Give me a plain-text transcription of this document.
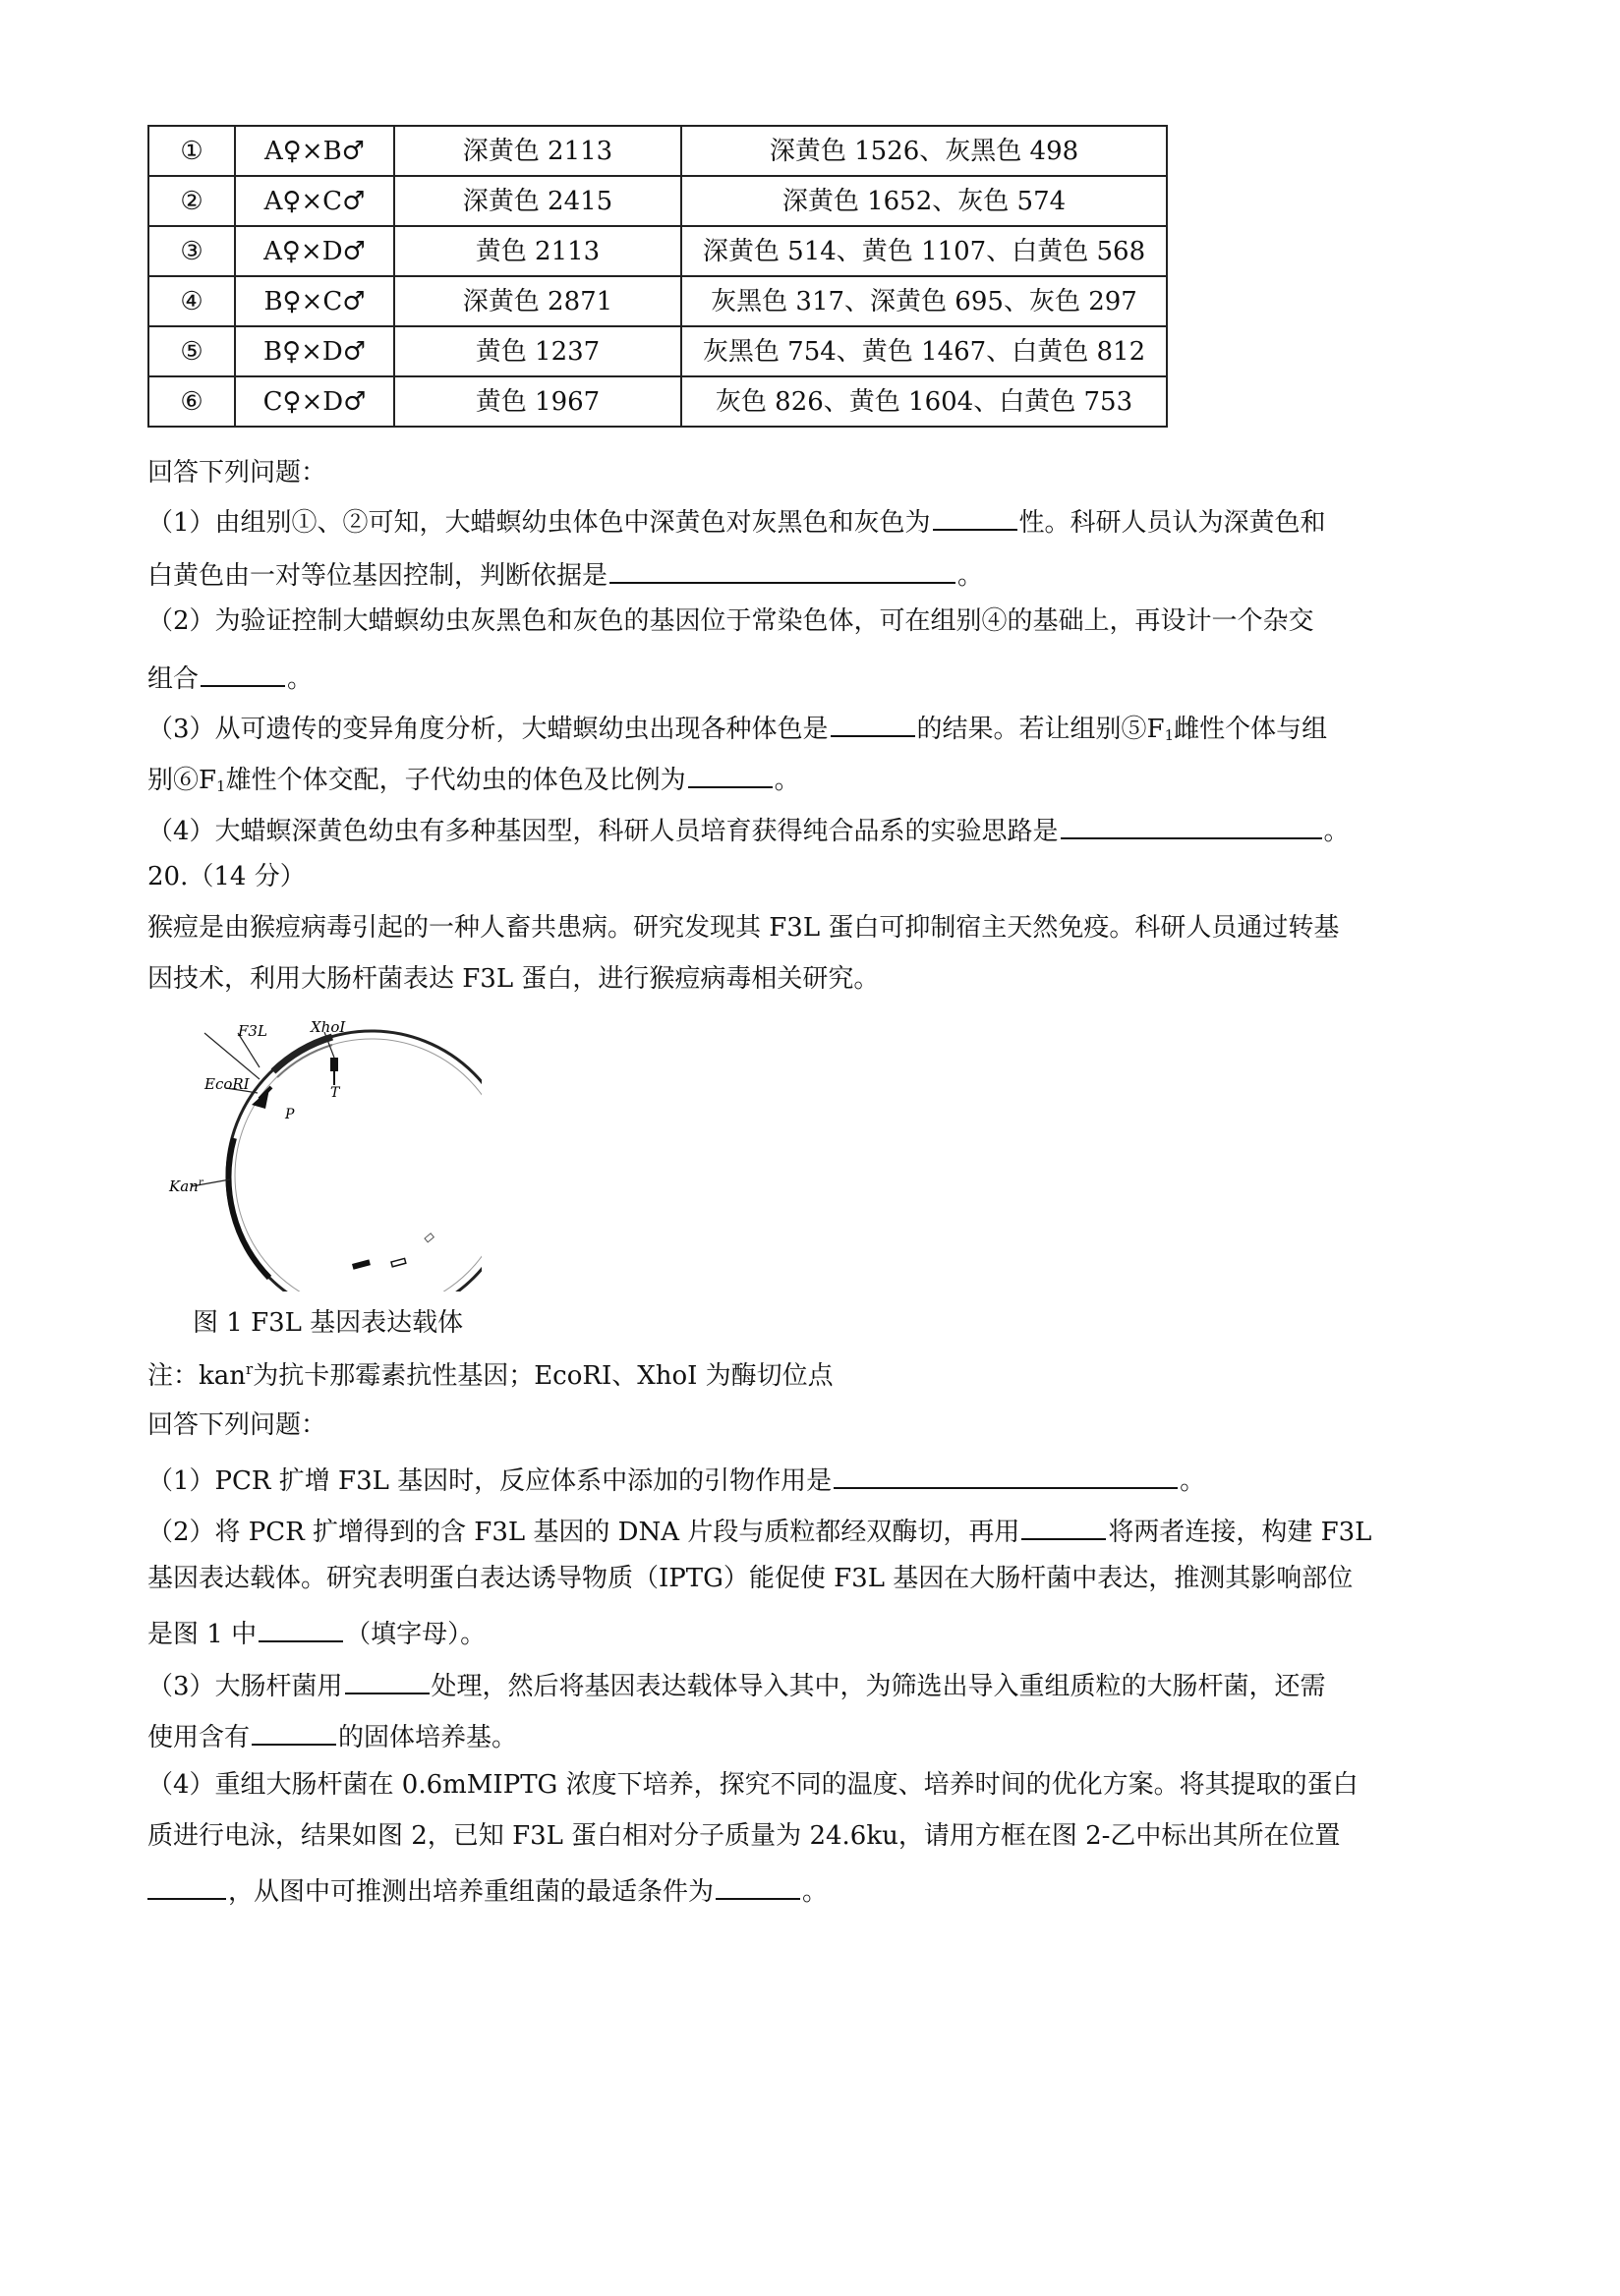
①	A♀×B♂	深黄色 2113	深黄色 1526、灰黑色 498
②	A♀×C♂	深黄色 2415	深黄色 1652、灰色 574
③	A♀×D♂	黄色 2113	深黄色 514、黄色 1107、白黄色 568
④	B♀×C♂	深黄色 2871	灰黑色 317、深黄色 695、灰色 297
⑤	B♀×D♂	黄色 1237	灰黑色 754、黄色 1467、白黄色 812
⑥	C♀×D♂	黄色 1967	灰色 826、黄色 1604、白黄色 753
回答下列问题：
（1）由组别①、②可知，大蜡螟幼虫体色中深黄色对灰黑色和灰色为	性。科研人员认为深黄色和
白黄色由一对等位基因控制，判断依据是	。
（2）为验证控制大蜡螟幼虫灰黑色和灰色的基因位于常染色体，可在组别④的基础上，再设计一个杂交
组合	。
（3）从可遗传的变异角度分析，大蜡螟幼虫出现各种体色是	的结果。若让组别$⑤F_1$雌性个体与组
别$⑥F_1$雄性个体交配，子代幼虫的体色及比例为	。
（4）大蜡螟深黄色幼虫有多种基因型，科研人员培育获得纯合品系的实验思路是	。
20.（14 分）
猴痘是由猴痘病毒引起的一种人畜共患病。研究发现其 F3L 蛋白可抑制宿主天然免疫。科研人员通过转基
因技术，利用大肠杆菌表达 F3L 蛋白，进行猴痘病毒相关研究。
F3L	XhoI
EcoRI
P
T
Kan$^r$
图 1 F3L 基因表达载体
注：kan$^r$为抗卡那霉素抗性基因；EcoRI、XhoI 为酶切位点
回答下列问题：
（1）PCR 扩增 F3L 基因时，反应体系中添加的引物作用是	。
（2）将 PCR 扩增得到的含 F3L 基因的 DNA 片段与质粒都经双酶切，再用	将两者连接，构建 F3L
基因表达载体。研究表明蛋白表达诱导物质（IPTG）能促使 F3L 基因在大肠杆菌中表达，推测其影响部位
是图 1 中	（填字母）。
（3）大肠杆菌用	处理，然后将基因表达载体导入其中，为筛选出导入重组质粒的大肠杆菌，还需
使用含有	的固体培养基。
（4）重组大肠杆菌在 0.6mMIPTG 浓度下培养，探究不同的温度、培养时间的优化方案。将其提取的蛋白
质进行电泳，结果如图 2，已知 F3L 蛋白相对分子质量为 24.6ku，请用方框在图 2-乙中标出其所在位置
，从图中可推测出培养重组菌的最适条件为	。
